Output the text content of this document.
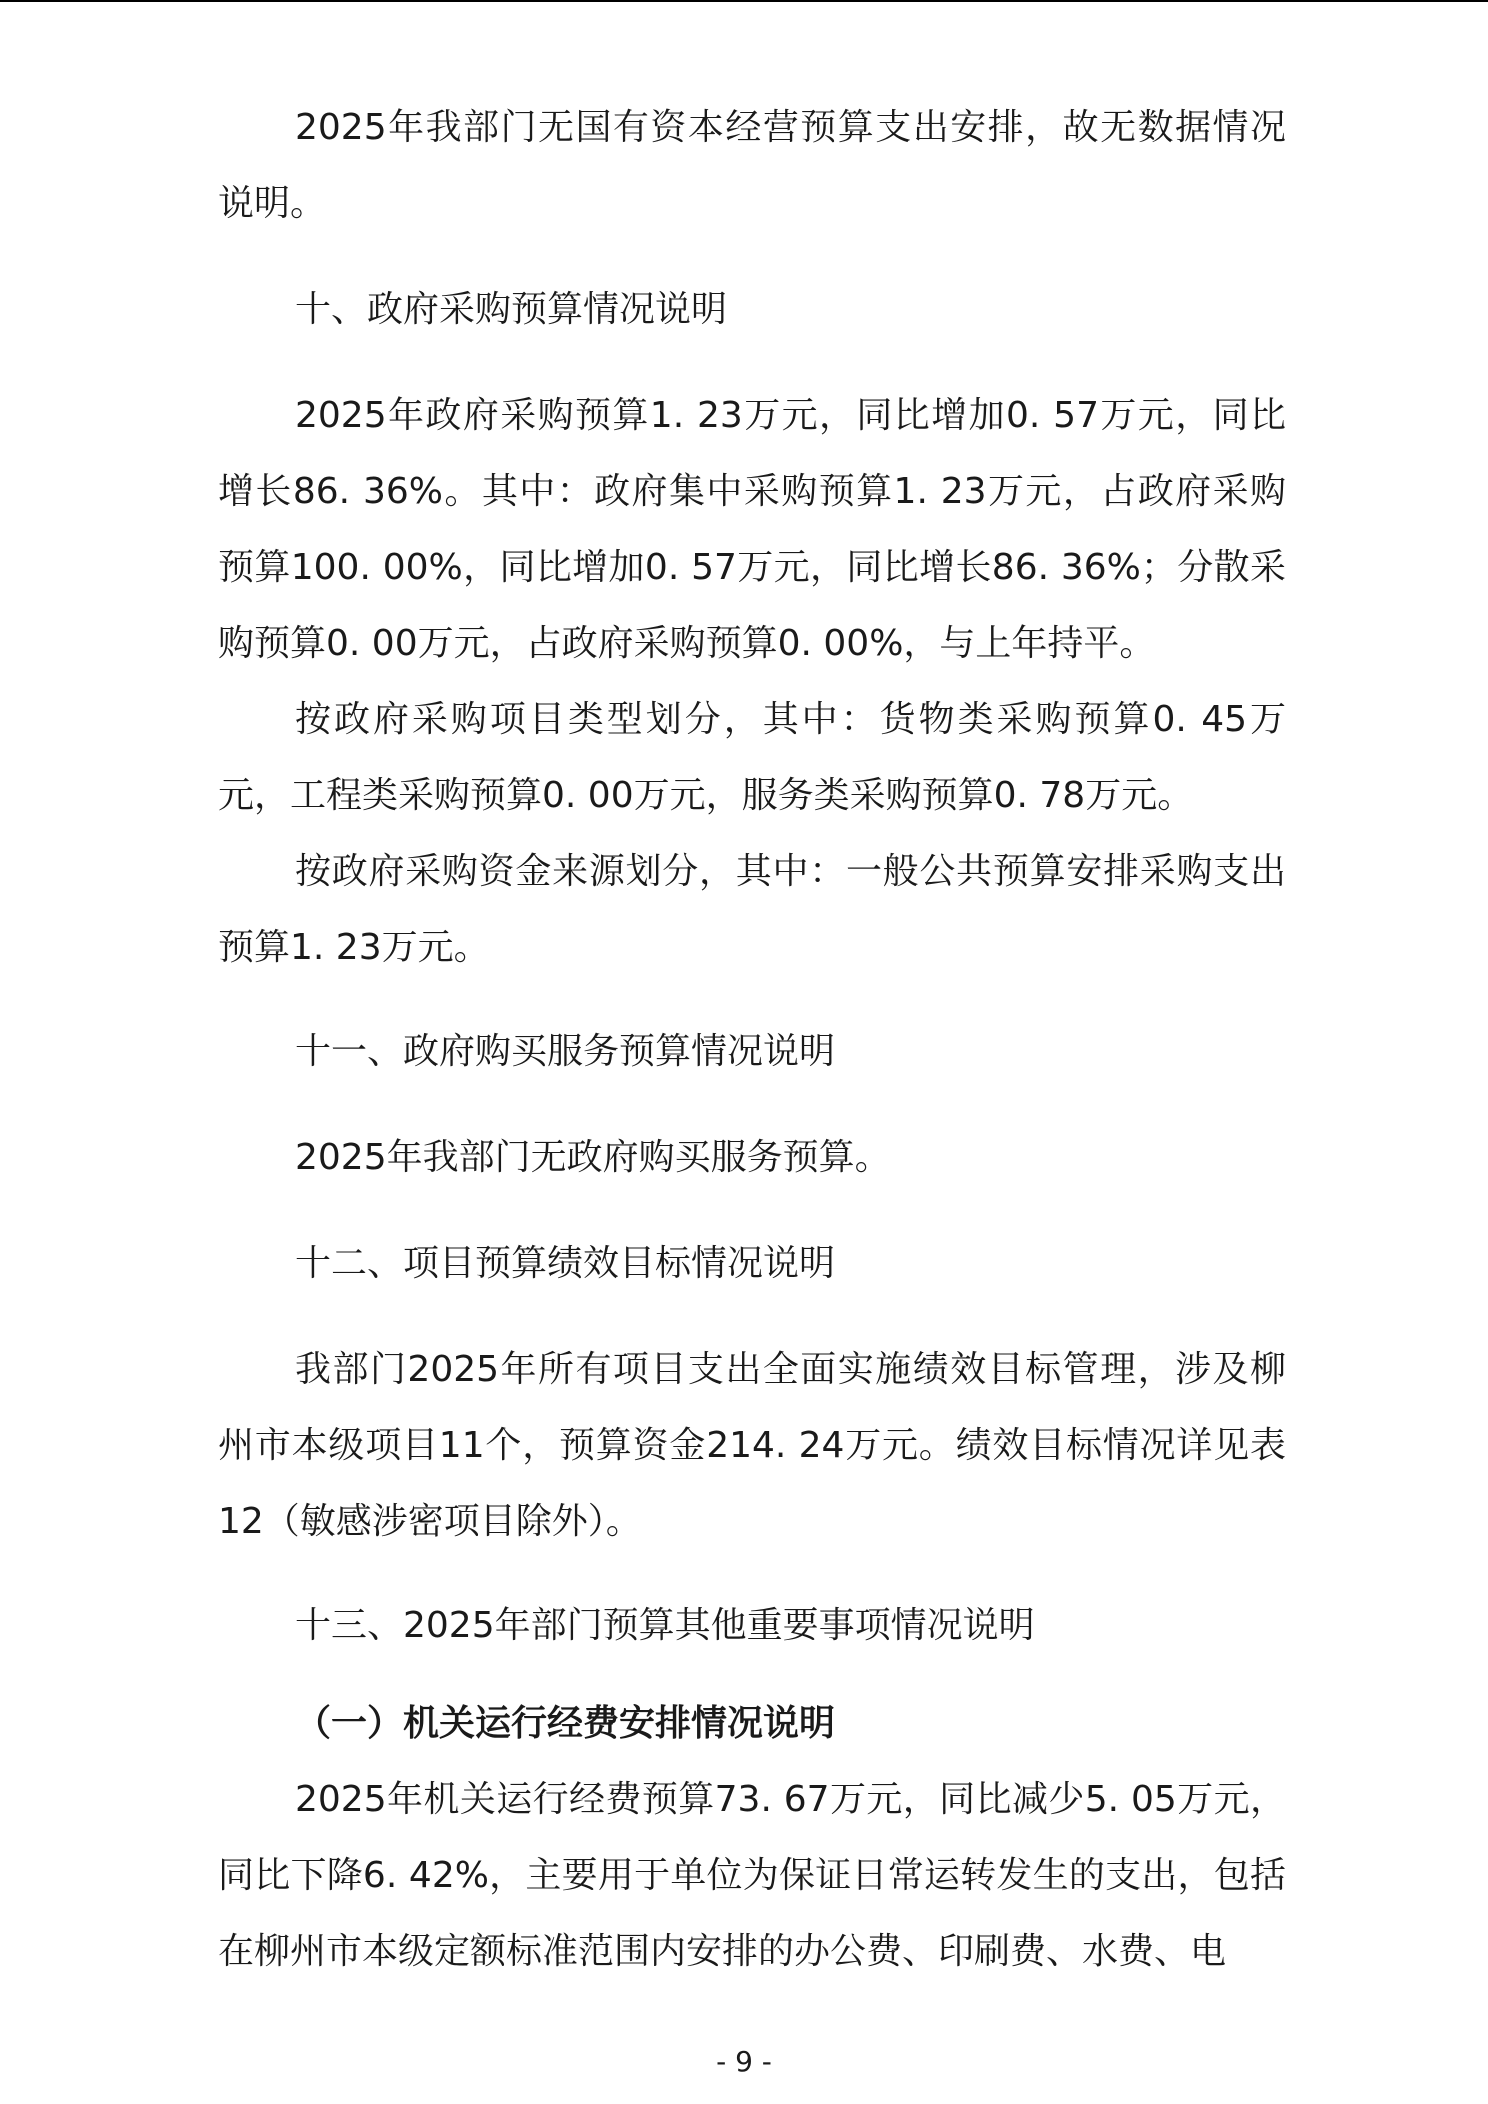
2025年我部门无国有资本经营预算支出安排，故无数据情况说明。

十、政府采购预算情况说明

2025年政府采购预算1. 23万元，同比增加0. 57万元，同比增长86. 36%。其中：政府集中采购预算1. 23万元，占政府采购预算100. 00%，同比增加0. 57万元，同比增长86. 36%；分散采购预算0. 00万元，占政府采购预算0. 00%，与上年持平。

按政府采购项目类型划分，其中：货物类采购预算0. 45万元，工程类采购预算0. 00万元，服务类采购预算0. 78万元。

按政府采购资金来源划分，其中：一般公共预算安排采购支出预算1. 23万元。

十一、政府购买服务预算情况说明

2025年我部门无政府购买服务预算。

十二、项目预算绩效目标情况说明

我部门2025年所有项目支出全面实施绩效目标管理，涉及柳州市本级项目11个，预算资金214. 24万元。绩效目标情况详见表12（敏感涉密项目除外）。

十三、2025年部门预算其他重要事项情况说明

（一）机关运行经费安排情况说明

2025年机关运行经费预算73. 67万元，同比减少5. 05万元，同比下降6. 42%，主要用于单位为保证日常运转发生的支出，包括在柳州市本级定额标准范围内安排的办公费、印刷费、水费、电

- 9 -
